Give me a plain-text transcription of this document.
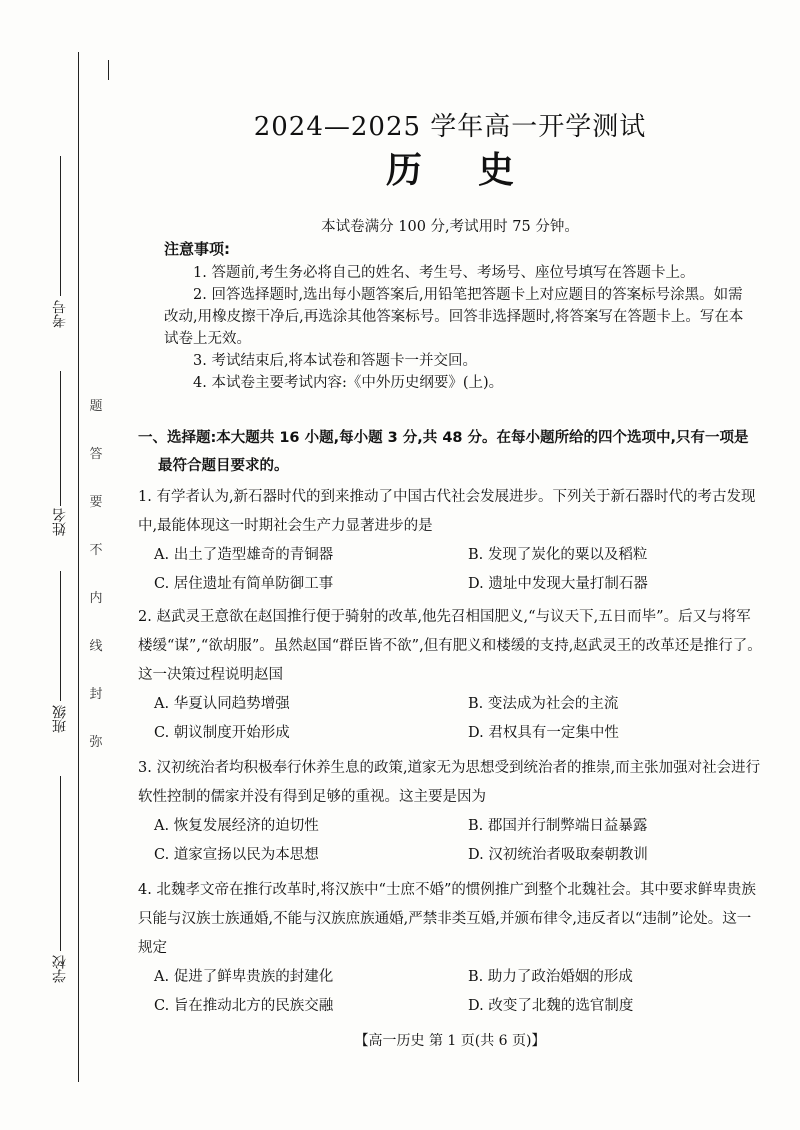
考号
姓名
班级
学校
题
答
要
不
内
线
封
弥
2024—2025 学年高一开学测试
历 史
本试卷满分 100 分,考试用时 75 分钟。
注意事项:
1. 答题前,考生务必将自己的姓名、考生号、考场号、座位号填写在答题卡上。
2. 回答选择题时,选出每小题答案后,用铅笔把答题卡上对应题目的答案标号涂黑。如需改动,用橡皮擦干净后,再选涂其他答案标号。回答非选择题时,将答案写在答题卡上。写在本试卷上无效。
3. 考试结束后,将本试卷和答题卡一并交回。
4. 本试卷主要考试内容:《中外历史纲要》(上)。
一、选择题:本大题共 16 小题,每小题 3 分,共 48 分。在每小题所给的四个选项中,只有一项是
最符合题目要求的。
1. 有学者认为,新石器时代的到来推动了中国古代社会发展进步。下列关于新石器时代的考古发现中,最能体现这一时期社会生产力显著进步的是
A. 出土了造型雄奇的青铜器	B. 发现了炭化的粟以及稻粒
C. 居住遗址有简单防御工事	D. 遗址中发现大量打制石器
2. 赵武灵王意欲在赵国推行便于骑射的改革,他先召相国肥义,“与议天下,五日而毕”。后又与将军楼缓“谋”,“欲胡服”。虽然赵国“群臣皆不欲”,但有肥义和楼缓的支持,赵武灵王的改革还是推行了。这一决策过程说明赵国
A. 华夏认同趋势增强	B. 变法成为社会的主流
C. 朝议制度开始形成	D. 君权具有一定集中性
3. 汉初统治者均积极奉行休养生息的政策,道家无为思想受到统治者的推崇,而主张加强对社会进行软性控制的儒家并没有得到足够的重视。这主要是因为
A. 恢复发展经济的迫切性	B. 郡国并行制弊端日益暴露
C. 道家宣扬以民为本思想	D. 汉初统治者吸取秦朝教训
4. 北魏孝文帝在推行改革时,将汉族中“士庶不婚”的惯例推广到整个北魏社会。其中要求鲜卑贵族只能与汉族士族通婚,不能与汉族庶族通婚,严禁非类互婚,并颁布律令,违反者以“违制”论处。这一规定
A. 促进了鲜卑贵族的封建化	B. 助力了政治婚姻的形成
C. 旨在推动北方的民族交融	D. 改变了北魏的选官制度
【高一历史 第 1 页(共 6 页)】
